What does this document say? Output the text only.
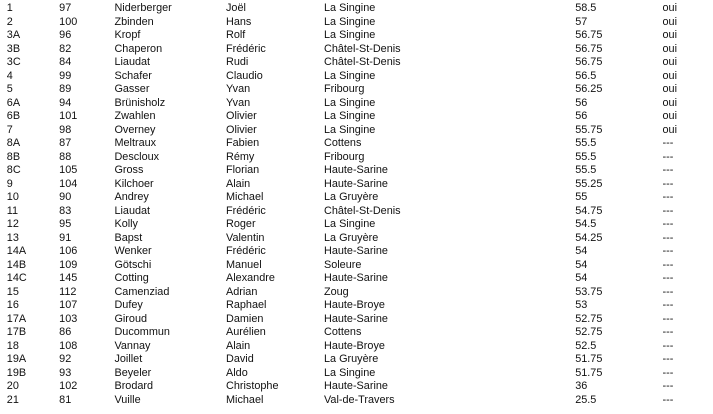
1	97	Niderberger	Joël	La Singine	58.5	oui
2	100	Zbinden	Hans	La Singine	57	oui
3A	96	Kropf	Rolf	La Singine	56.75	oui
3B	82	Chaperon	Frédéric	Châtel-St-Denis	56.75	oui
3C	84	Liaudat	Rudi	Châtel-St-Denis	56.75	oui
4	99	Schafer	Claudio	La Singine	56.5	oui
5	89	Gasser	Yvan	Fribourg	56.25	oui
6A	94	Brünisholz	Yvan	La Singine	56	oui
6B	101	Zwahlen	Olivier	La Singine	56	oui
7	98	Overney	Olivier	La Singine	55.75	oui
8A	87	Meltraux	Fabien	Cottens	55.5	---
8B	88	Descloux	Rémy	Fribourg	55.5	---
8C	105	Gross	Florian	Haute-Sarine	55.5	---
9	104	Kilchoer	Alain	Haute-Sarine	55.25	---
10	90	Andrey	Michael	La Gruyère	55	---
11	83	Liaudat	Frédéric	Châtel-St-Denis	54.75	---
12	95	Kolly	Roger	La Singine	54.5	---
13	91	Bapst	Valentin	La Gruyère	54.25	---
14A	106	Wenker	Frédéric	Haute-Sarine	54	---
14B	109	Götschi	Manuel	Soleure	54	---
14C	145	Cotting	Alexandre	Haute-Sarine	54	---
15	112	Camenziad	Adrian	Zoug	53.75	---
16	107	Dufey	Raphael	Haute-Broye	53	---
17A	103	Giroud	Damien	Haute-Sarine	52.75	---
17B	86	Ducommun	Aurélien	Cottens	52.75	---
18	108	Vannay	Alain	Haute-Broye	52.5	---
19A	92	Joillet	David	La Gruyère	51.75	---
19B	93	Beyeler	Aldo	La Singine	51.75	---
20	102	Brodard	Christophe	Haute-Sarine	36	---
21	81	Vuille	Michael	Val-de-Travers	25.5	---
